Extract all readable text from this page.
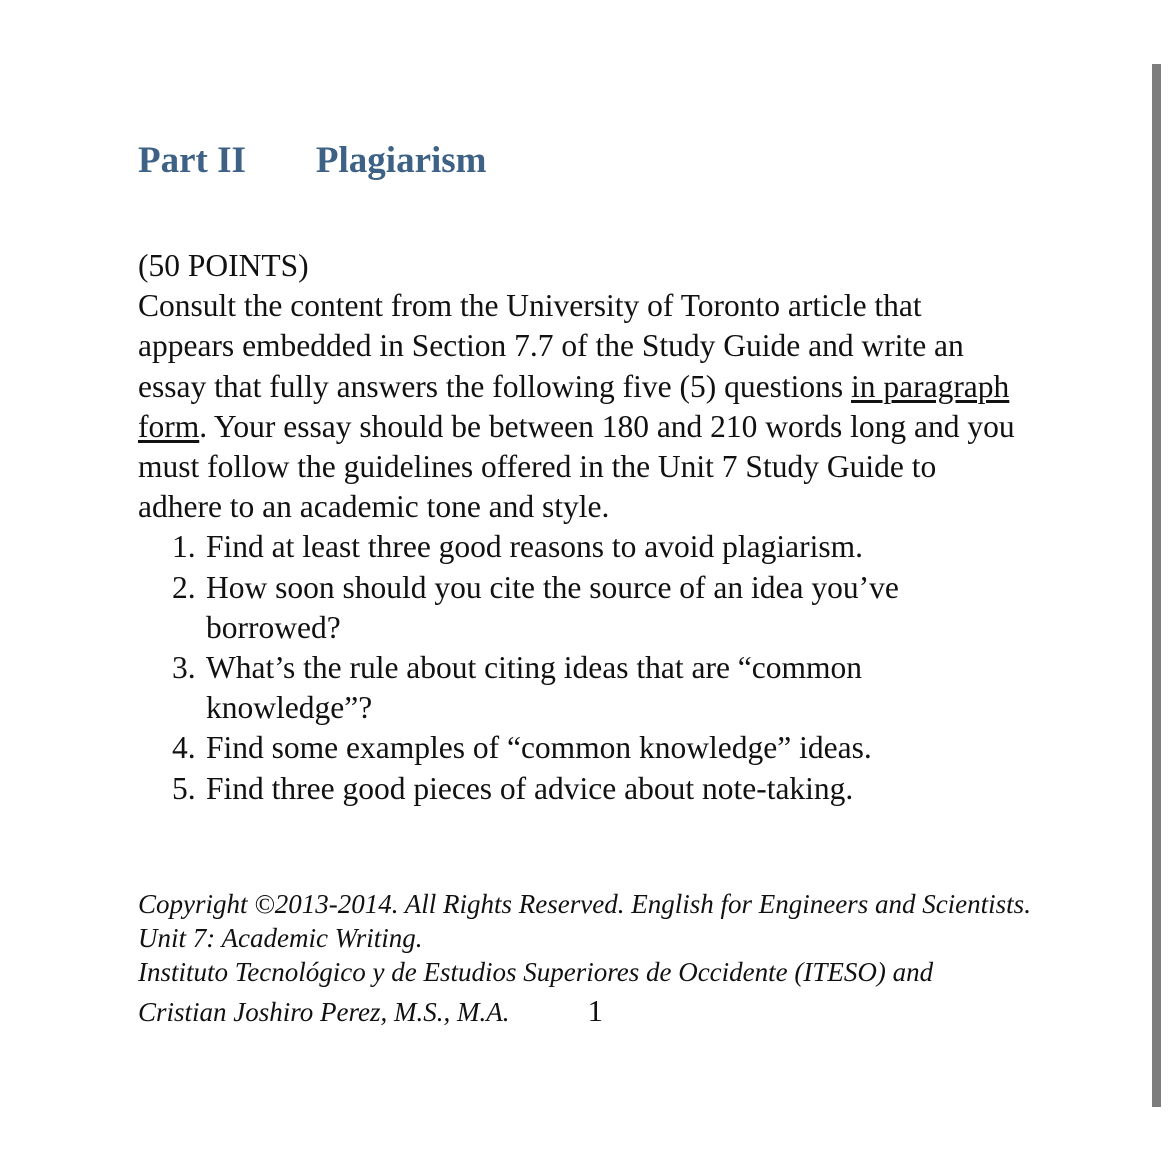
Part II Plagiarism

(50 POINTS)

Consult the content from the University of Toronto article that appears embedded in Section 7.7 of the Study Guide and write an essay that fully answers the following five (5) questions in paragraph form. Your essay should be between 180 and 210 words long and you must follow the guidelines offered in the Unit 7 Study Guide to adhere to an academic tone and style.

1. Find at least three good reasons to avoid plagiarism.
2. How soon should you cite the source of an idea you’ve borrowed?
3. What’s the rule about citing ideas that are “common knowledge”?
4. Find some examples of “common knowledge” ideas.
5. Find three good pieces of advice about note-taking.

Copyright ©2013-2014. All Rights Reserved. English for Engineers and Scientists. Unit 7: Academic Writing.

Instituto Tecnológico y de Estudios Superiores de Occidente (ITESO) and

Cristian Joshiro Perez, M.S., M.A.	1
